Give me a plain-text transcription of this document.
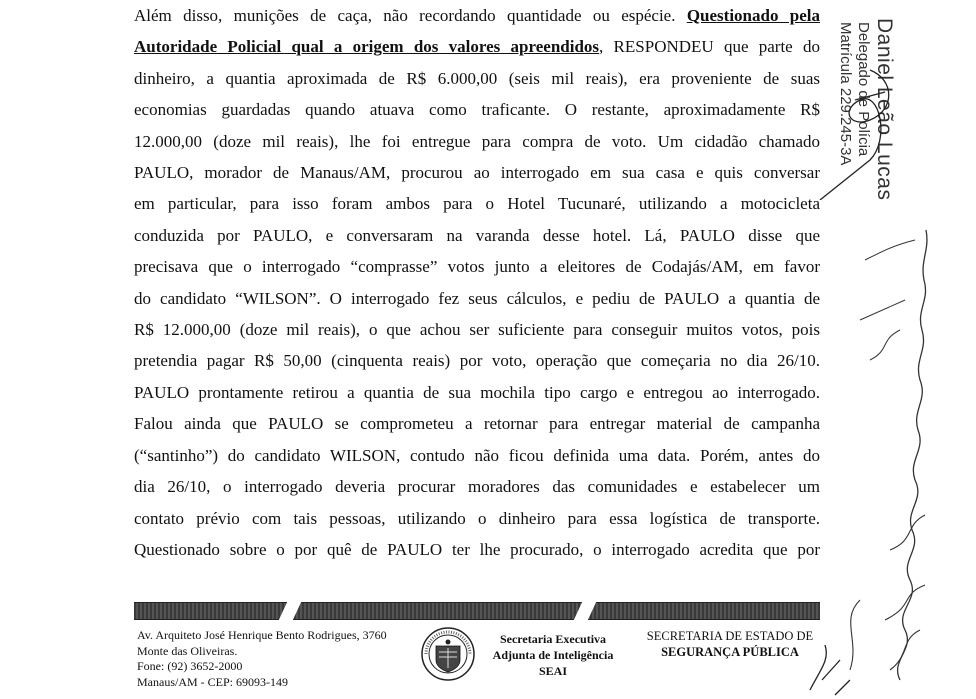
Além disso, munições de caça, não recordando quantidade ou espécie. Questionado pela
Autoridade Policial qual a origem dos valores apreendidos, RESPONDEU que parte do
dinheiro, a quantia aproximada de R$ 6.000,00 (seis mil reais), era proveniente de suas
economias guardadas quando atuava como traficante. O restante, aproximadamente R$
12.000,00 (doze mil reais), lhe foi entregue para compra de voto. Um cidadão chamado
PAULO, morador de Manaus/AM, procurou ao interrogado em sua casa e quis conversar
em particular, para isso foram ambos para o Hotel Tucunaré, utilizando a motocicleta
conduzida por PAULO, e conversaram na varanda desse hotel. Lá, PAULO disse que
precisava que o interrogado “comprasse” votos junto a eleitores de Codajás/AM, em favor
do candidato “WILSON”. O interrogado fez seus cálculos, e pediu de PAULO a quantia de
R$ 12.000,00 (doze mil reais), o que achou ser suficiente para conseguir muitos votos, pois
pretendia pagar R$ 50,00 (cinquenta reais) por voto, operação que começaria no dia 26/10.
PAULO prontamente retirou a quantia de sua mochila tipo cargo e entregou ao interrogado.
Falou ainda que PAULO se comprometeu a retornar para entregar material de campanha
(“santinho”) do candidato WILSON, contudo não ficou definida uma data. Porém, antes do
dia 26/10, o interrogado deveria procurar moradores das comunidades e estabelecer um
contato prévio com tais pessoas, utilizando o dinheiro para essa logística de transporte.
Questionado sobre o por quê de PAULO ter lhe procurado, o interrogado acredita que por
Daniel Leão Lucas
Delegado de Polícia
Matrícula 229.245-3A
Av. Arquiteto José Henrique Bento Rodrigues, 3760
Monte das Oliveiras.
Fone: (92) 3652-2000
Manaus/AM - CEP: 69093-149
Secretaria Executiva
Adjunta de Inteligência
SEAI
SECRETARIA DE ESTADO DE
SEGURANÇA PÚBLICA
